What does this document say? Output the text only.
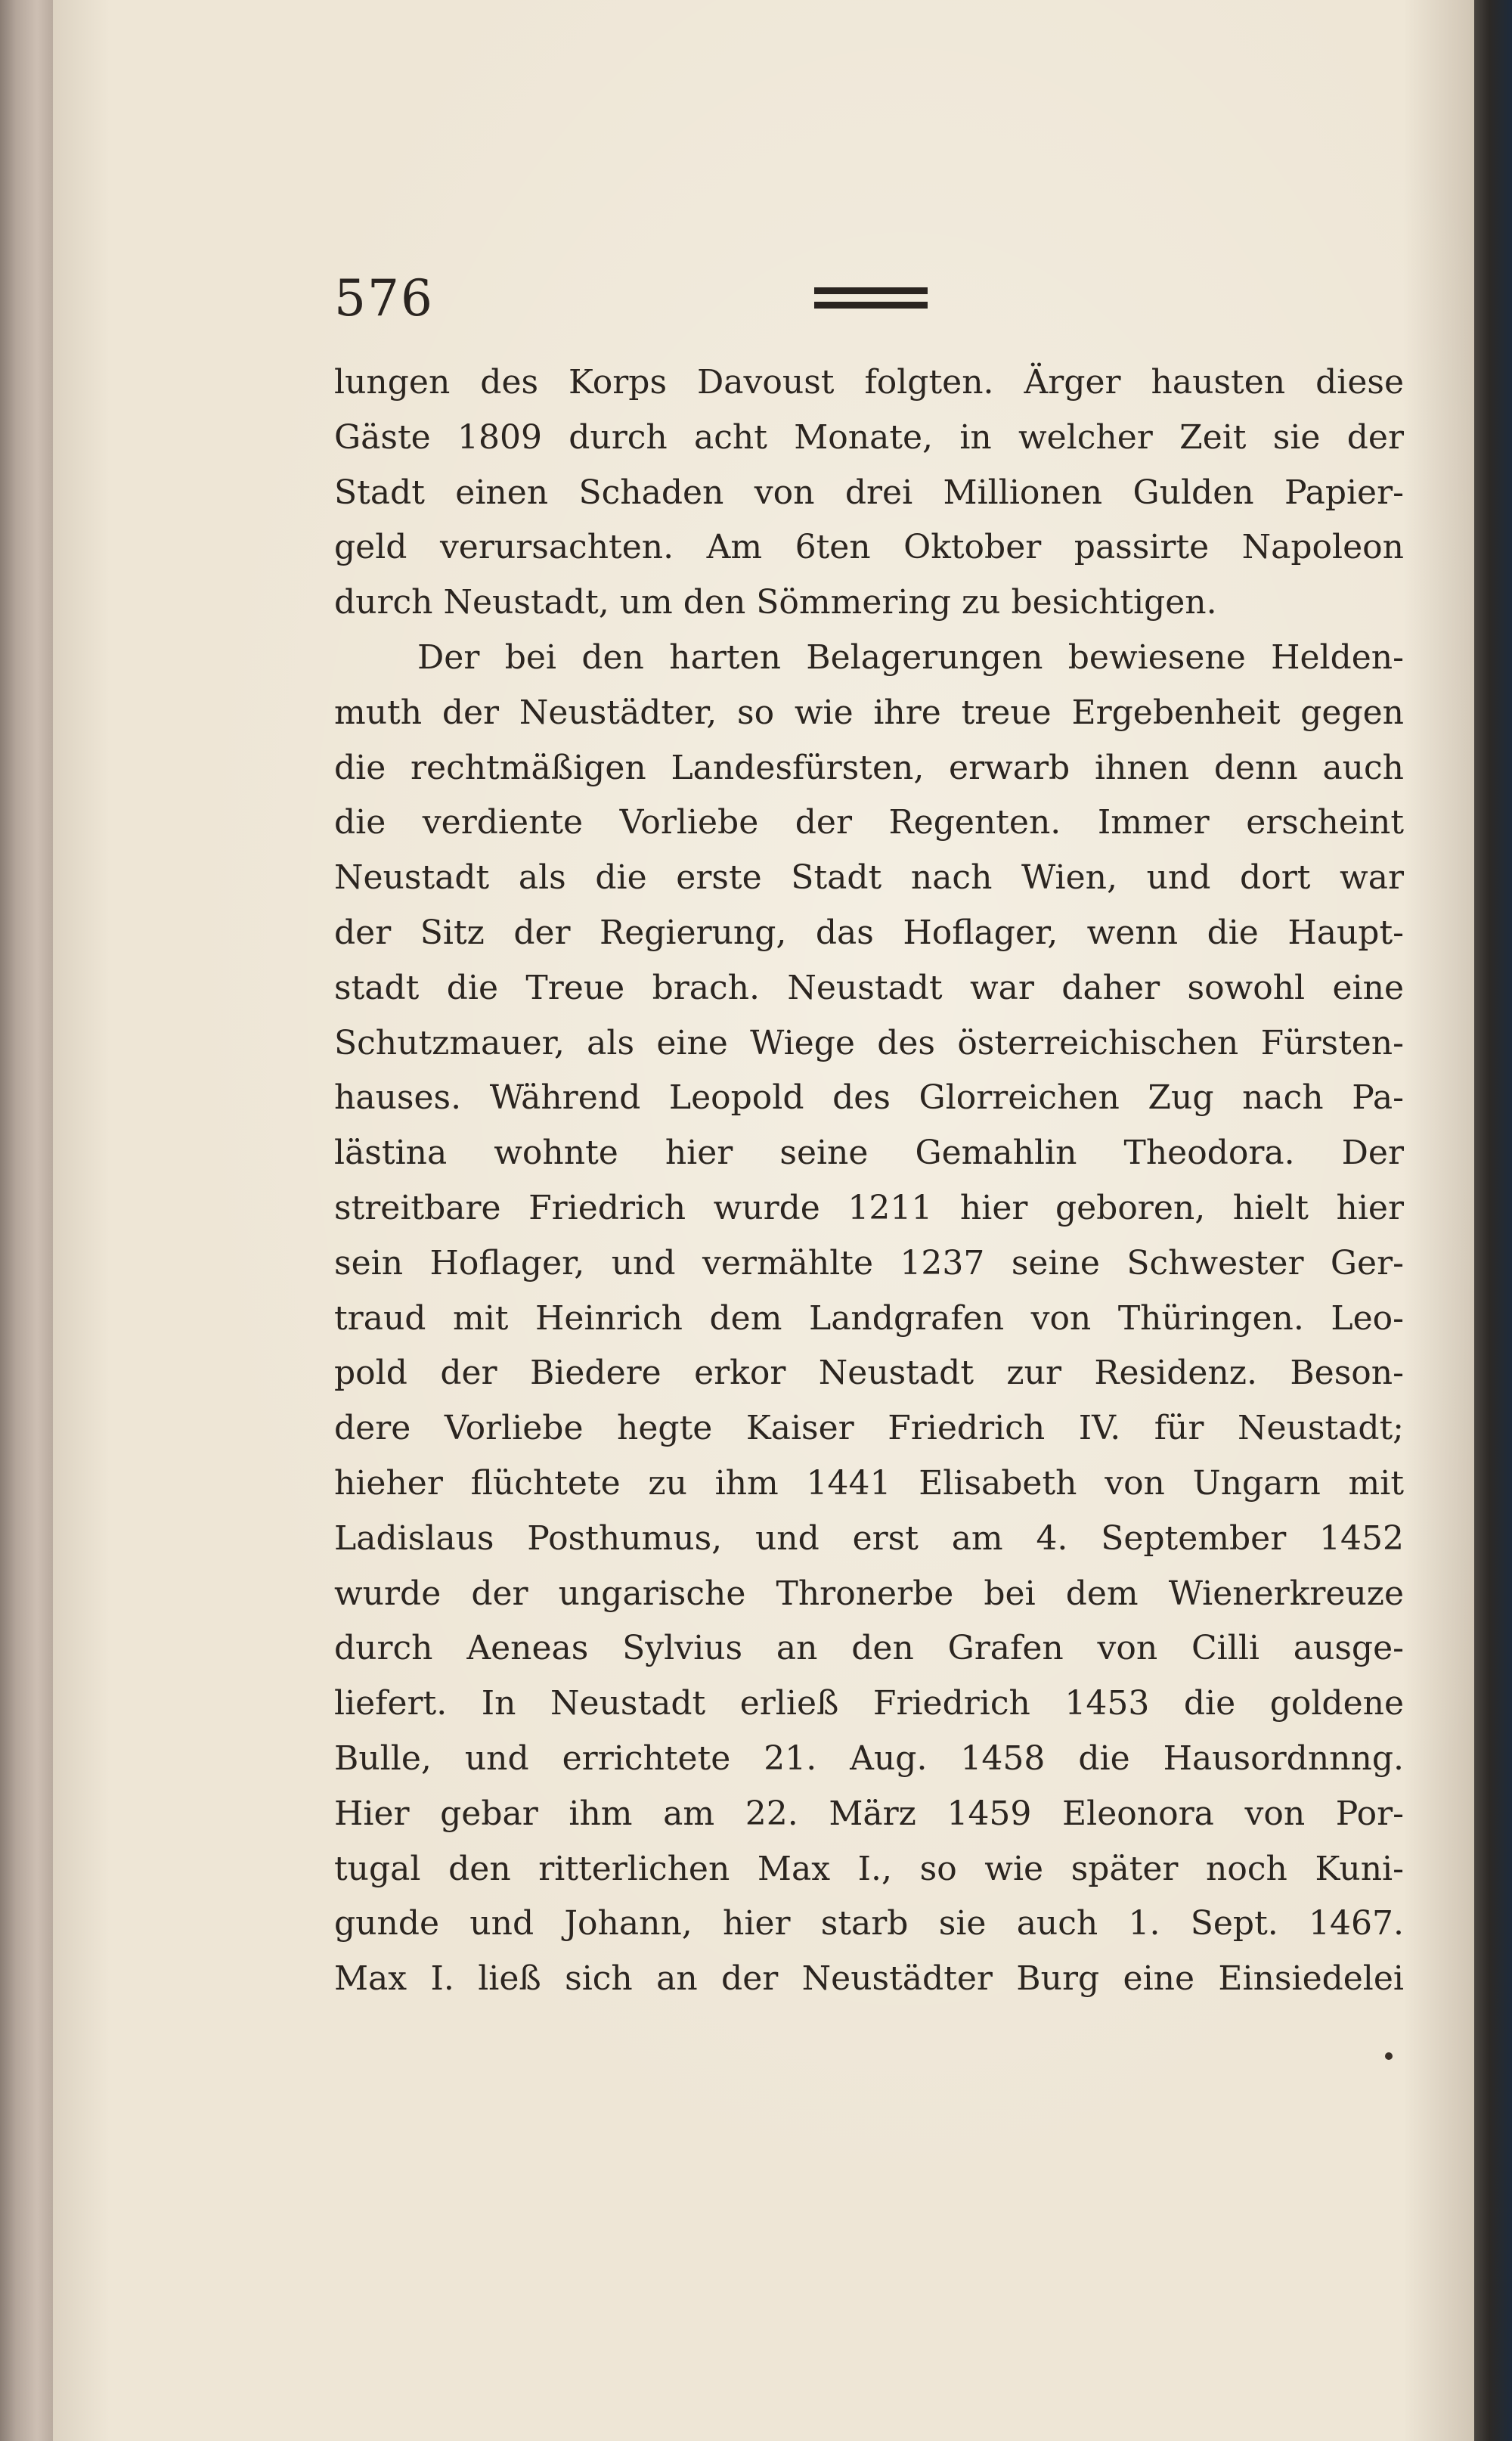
576
lungen des Korps Davoust folgten. Ärger hausten diese
Gäste 1809 durch acht Monate, in welcher Zeit sie der
Stadt einen Schaden von drei Millionen Gulden Papier-
geld verursachten. Am 6ten Oktober passirte Napoleon
durch Neustadt, um den Sömmering zu besichtigen.
Der bei den harten Belagerungen bewiesene Helden-
muth der Neustädter, so wie ihre treue Ergebenheit gegen
die rechtmäßigen Landesfürsten, erwarb ihnen denn auch
die verdiente Vorliebe der Regenten. Immer erscheint
Neustadt als die erste Stadt nach Wien, und dort war
der Sitz der Regierung, das Hoflager, wenn die Haupt-
stadt die Treue brach. Neustadt war daher sowohl eine
Schutzmauer, als eine Wiege des österreichischen Fürsten-
hauses. Während Leopold des Glorreichen Zug nach Pa-
lästina wohnte hier seine Gemahlin Theodora. Der
streitbare Friedrich wurde 1211 hier geboren, hielt hier
sein Hoflager, und vermählte 1237 seine Schwester Ger-
traud mit Heinrich dem Landgrafen von Thüringen. Leo-
pold der Biedere erkor Neustadt zur Residenz. Beson-
dere Vorliebe hegte Kaiser Friedrich IV. für Neustadt;
hieher flüchtete zu ihm 1441 Elisabeth von Ungarn mit
Ladislaus Posthumus, und erst am 4. September 1452
wurde der ungarische Thronerbe bei dem Wienerkreuze
durch Aeneas Sylvius an den Grafen von Cilli ausge-
liefert. In Neustadt erließ Friedrich 1453 die goldene
Bulle, und errichtete 21. Aug. 1458 die Hausordnnng.
Hier gebar ihm am 22. März 1459 Eleonora von Por-
tugal den ritterlichen Max I., so wie später noch Kuni-
gunde und Johann, hier starb sie auch 1. Sept. 1467.
Max I. ließ sich an der Neustädter Burg eine Einsiedelei
